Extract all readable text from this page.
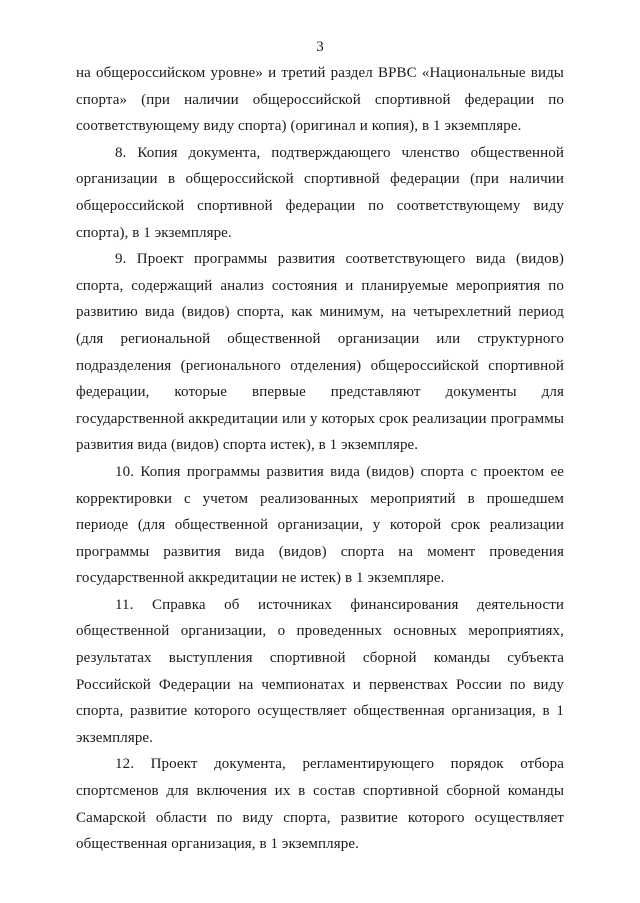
3

на общероссийском уровне» и третий раздел ВРВС «Национальные виды спорта» (при наличии общероссийской спортивной федерации по соответствующему виду спорта) (оригинал и копия), в 1 экземпляре.

8. Копия документа, подтверждающего членство общественной организации в общероссийской спортивной федерации (при наличии общероссийской спортивной федерации по соответствующему виду спорта), в 1 экземпляре.

9. Проект программы развития соответствующего вида (видов) спорта, содержащий анализ состояния и планируемые мероприятия по развитию вида (видов) спорта, как минимум, на четырехлетний период (для региональной общественной организации или структурного подразделения (регионального отделения) общероссийской спортивной федерации, которые впервые представляют документы для государственной аккредитации или у которых срок реализации программы развития вида (видов) спорта истек), в 1 экземпляре.

10. Копия программы развития вида (видов) спорта с проектом ее корректировки с учетом реализованных мероприятий в прошедшем периоде (для общественной организации, у которой срок реализации программы развития вида (видов) спорта на момент проведения государственной аккредитации не истек) в 1 экземпляре.

11. Справка об источниках финансирования деятельности общественной организации, о проведенных основных мероприятиях, результатах выступления спортивной сборной команды субъекта Российской Федерации на чемпионатах и первенствах России по виду спорта, развитие которого осуществляет общественная организация, в 1 экземпляре.

12. Проект документа, регламентирующего порядок отбора спортсменов для включения их в состав спортивной сборной команды Самарской области по виду спорта, развитие которого осуществляет общественная организация, в 1 экземпляре.
